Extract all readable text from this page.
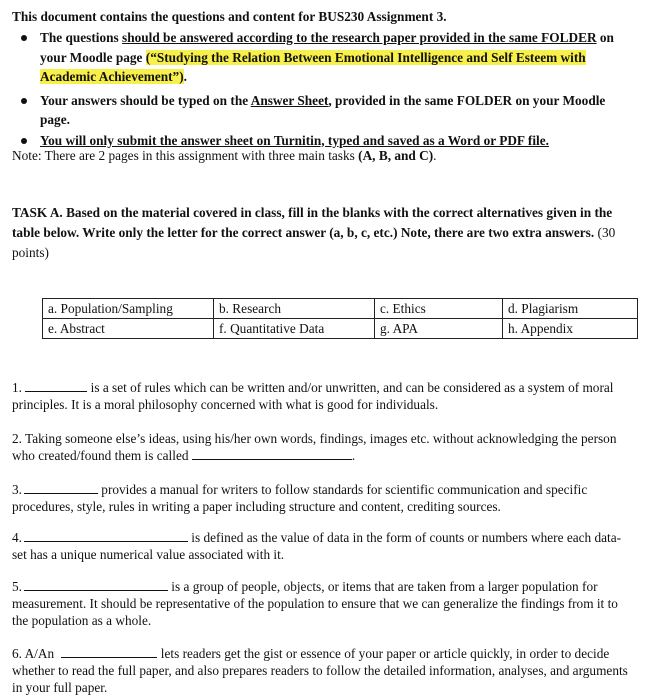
This document contains the questions and content for BUS230 Assignment 3.
The questions should be answered according to the research paper provided in the same FOLDER on your Moodle page (“Studying the Relation Between Emotional Intelligence and Self Esteem with Academic Achievement”).
Your answers should be typed on the Answer Sheet, provided in the same FOLDER on your Moodle page.
You will only submit the answer sheet on Turnitin, typed and saved as a Word or PDF file.
Note: There are 2 pages in this assignment with three main tasks (A, B, and C).
TASK A. Based on the material covered in class, fill in the blanks with the correct alternatives given in the table below. Write only the letter for the correct answer (a, b, c, etc.) Note, there are two extra answers. (30 points)
a. Population/Sampling	b. Research	c. Ethics	d. Plagiarism
e. Abstract	f. Quantitative Data	g. APA	h. Appendix
1.	is a set of rules which can be written and/or unwritten, and can be considered as a system of moral principles. It is a moral philosophy concerned with what is good for individuals.
2. Taking someone else’s ideas, using his/her own words, findings, images etc. without acknowledging the person who created/found them is called	.
3.	provides a manual for writers to follow standards for scientific communication and specific procedures, style, rules in writing a paper including structure and content, crediting sources.
4.	is defined as the value of data in the form of counts or numbers where each data-set has a unique numerical value associated with it.
5.	is a group of people, objects, or items that are taken from a larger population for measurement. It should be representative of the population to ensure that we can generalize the findings from it to the population as a whole.
6. A/An	lets readers get the gist or essence of your paper or article quickly, in order to decide whether to read the full paper, and also prepares readers to follow the detailed information, analyses, and arguments in your full paper.
